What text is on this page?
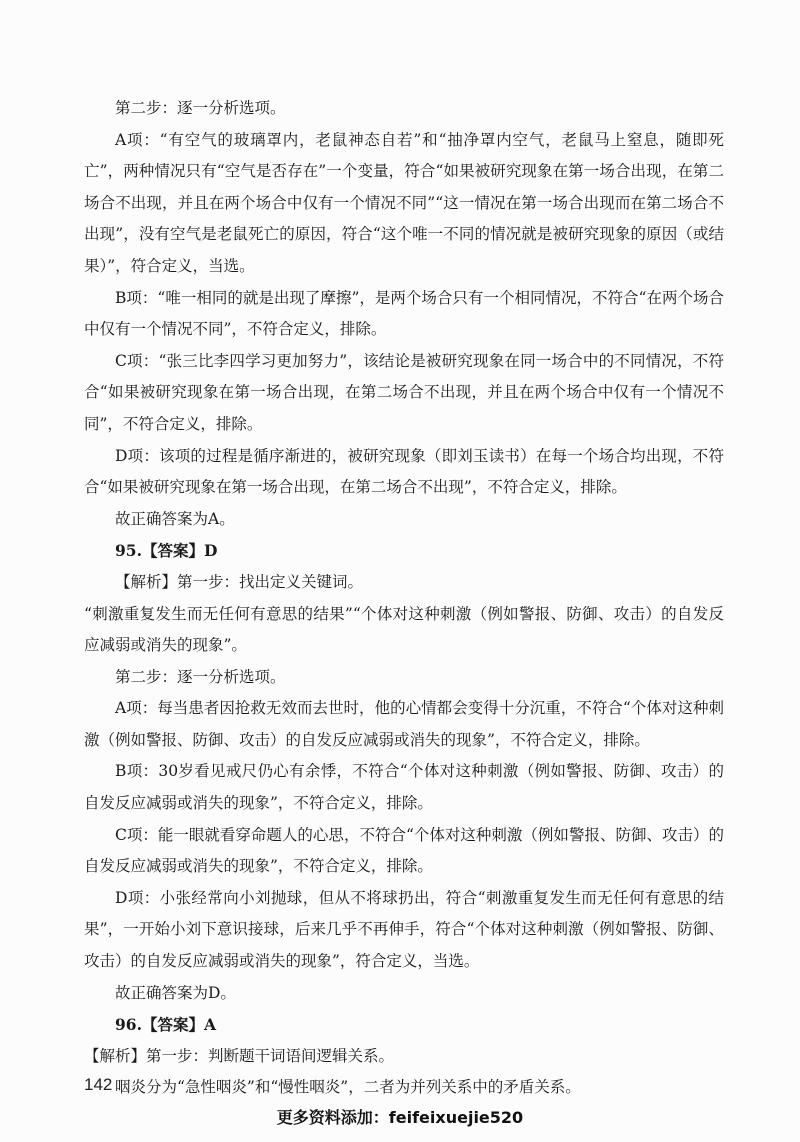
第二步：逐一分析选项。

A项：“有空气的玻璃罩内，老鼠神态自若”和“抽净罩内空气，老鼠马上窒息，随即死亡”，两种情况只有“空气是否存在”一个变量，符合“如果被研究现象在第一场合出现，在第二场合不出现，并且在两个场合中仅有一个情况不同”“这一情况在第一场合出现而在第二场合不出现”，没有空气是老鼠死亡的原因，符合“这个唯一不同的情况就是被研究现象的原因（或结果）”，符合定义，当选。

B项：“唯一相同的就是出现了摩擦”，是两个场合只有一个相同情况，不符合“在两个场合中仅有一个情况不同”，不符合定义，排除。

C项：“张三比李四学习更加努力”，该结论是被研究现象在同一场合中的不同情况，不符合“如果被研究现象在第一场合出现，在第二场合不出现，并且在两个场合中仅有一个情况不同”，不符合定义，排除。

D项：该项的过程是循序渐进的，被研究现象（即刘玉读书）在每一个场合均出现，不符合“如果被研究现象在第一场合出现，在第二场合不出现”，不符合定义，排除。

故正确答案为A。

95.【答案】D

【解析】第一步：找出定义关键词。

“刺激重复发生而无任何有意思的结果”“个体对这种刺激（例如警报、防御、攻击）的自发反应减弱或消失的现象”。

第二步：逐一分析选项。

A项：每当患者因抢救无效而去世时，他的心情都会变得十分沉重，不符合“个体对这种刺激（例如警报、防御、攻击）的自发反应减弱或消失的现象”，不符合定义，排除。

B项：30岁看见戒尺仍心有余悸，不符合“个体对这种刺激（例如警报、防御、攻击）的自发反应减弱或消失的现象”，不符合定义，排除。

C项：能一眼就看穿命题人的心思，不符合“个体对这种刺激（例如警报、防御、攻击）的自发反应减弱或消失的现象”，不符合定义，排除。

D项：小张经常向小刘抛球，但从不将球扔出，符合“刺激重复发生而无任何有意思的结果”，一开始小刘下意识接球，后来几乎不再伸手，符合“个体对这种刺激（例如警报、防御、攻击）的自发反应减弱或消失的现象”，符合定义，当选。

故正确答案为D。

96.【答案】A

【解析】第一步：判断题干词语间逻辑关系。

咽炎分为“急性咽炎”和“慢性咽炎”，二者为并列关系中的矛盾关系。

142
更多资料添加：feifeixuejie520
